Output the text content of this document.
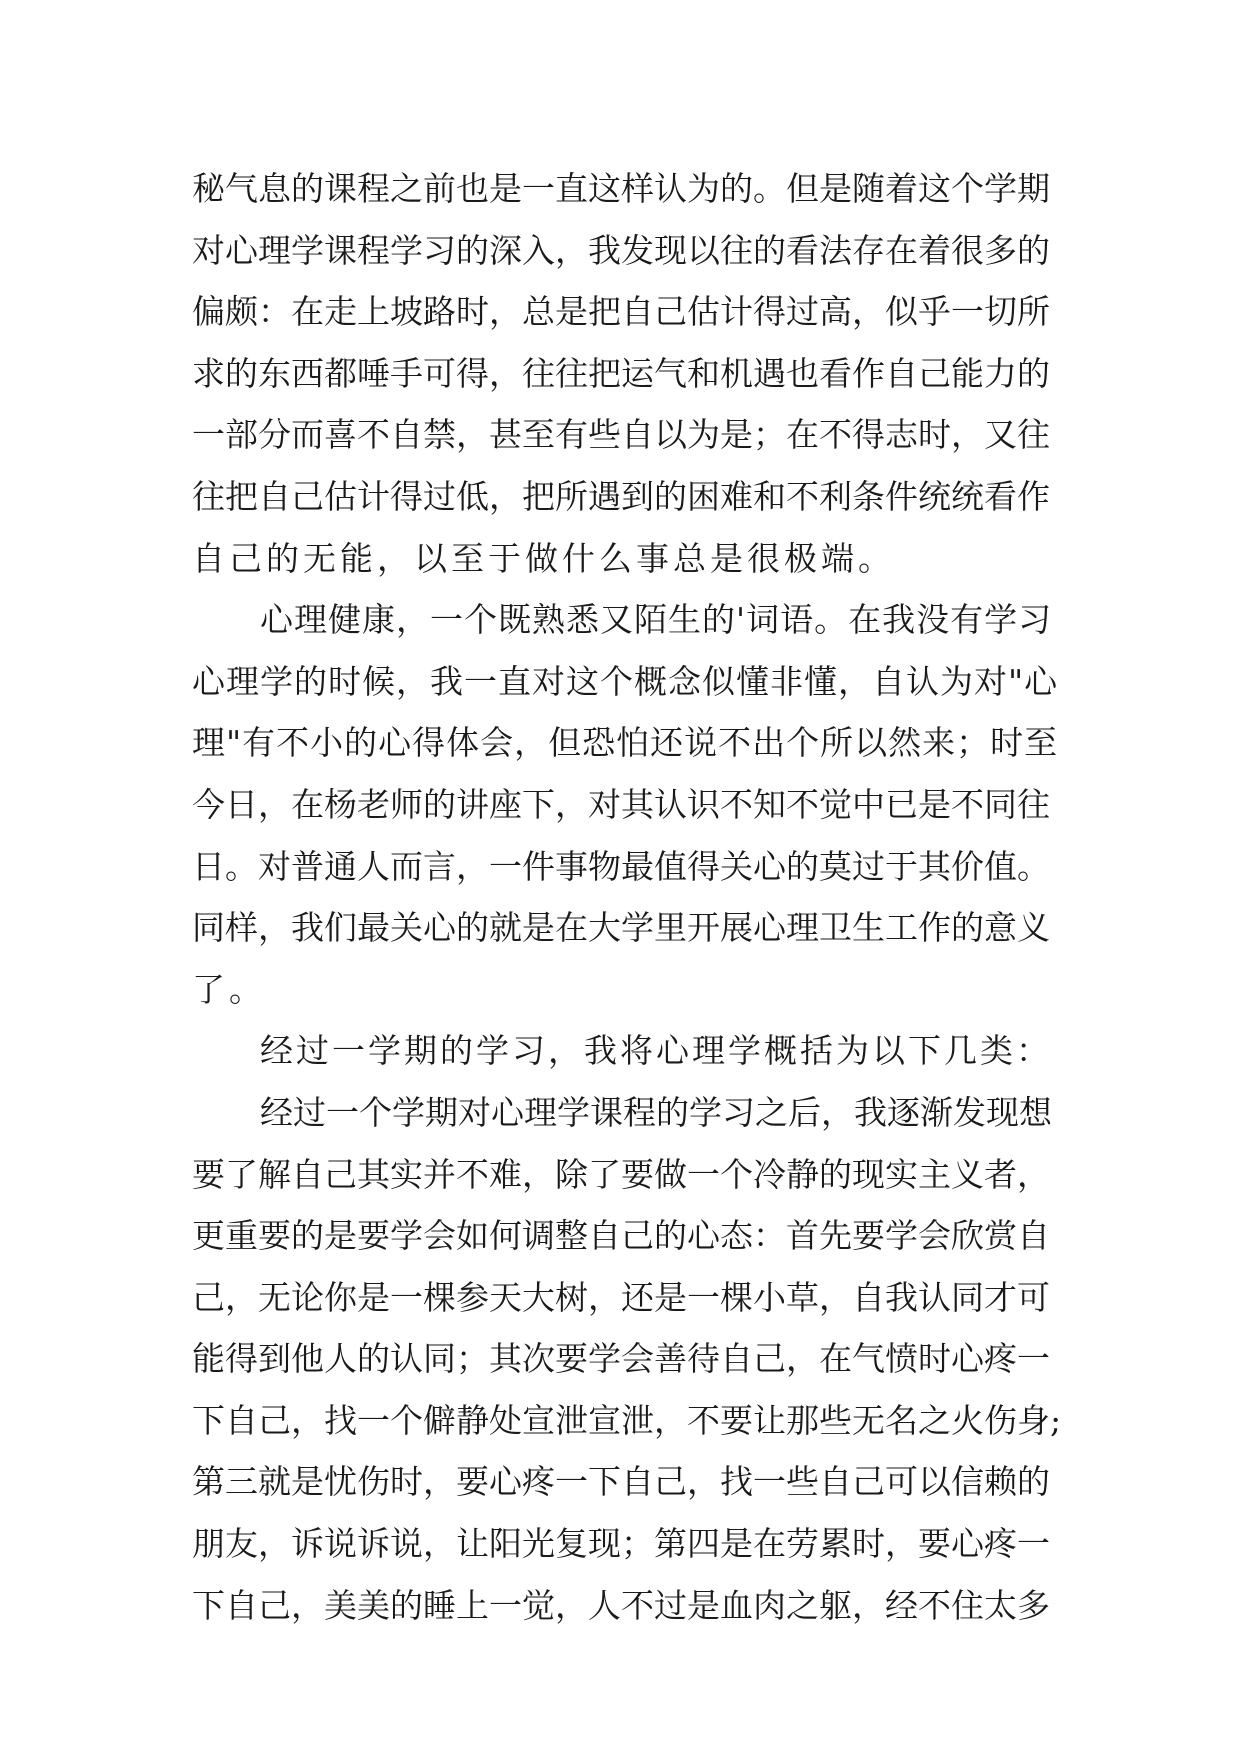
秘气息的课程之前也是一直这样认为的。但是随着这个学期
对心理学课程学习的深入，我发现以往的看法存在着很多的
偏颇：在走上坡路时，总是把自己估计得过高，似乎一切所
求的东西都唾手可得，往往把运气和机遇也看作自己能力的
一部分而喜不自禁，甚至有些自以为是；在不得志时，又往
往把自己估计得过低，把所遇到的困难和不利条件统统看作
自己的无能，以至于做什么事总是很极端。
心理健康，一个既熟悉又陌生的'词语。在我没有学习
心理学的时候，我一直对这个概念似懂非懂，自认为对"心
理"有不小的心得体会，但恐怕还说不出个所以然来；时至
今日，在杨老师的讲座下，对其认识不知不觉中已是不同往
日。对普通人而言，一件事物最值得关心的莫过于其价值。
同样，我们最关心的就是在大学里开展心理卫生工作的意义
了。
经过一学期的学习，我将心理学概括为以下几类：
经过一个学期对心理学课程的学习之后，我逐渐发现想
要了解自己其实并不难，除了要做一个冷静的现实主义者，
更重要的是要学会如何调整自己的心态：首先要学会欣赏自
己，无论你是一棵参天大树，还是一棵小草，自我认同才可
能得到他人的认同；其次要学会善待自己，在气愤时心疼一
下自己，找一个僻静处宣泄宣泄，不要让那些无名之火伤身;
第三就是忧伤时，要心疼一下自己，找一些自己可以信赖的
朋友，诉说诉说，让阳光复现；第四是在劳累时，要心疼一
下自己，美美的睡上一觉，人不过是血肉之躯，经不住太多
